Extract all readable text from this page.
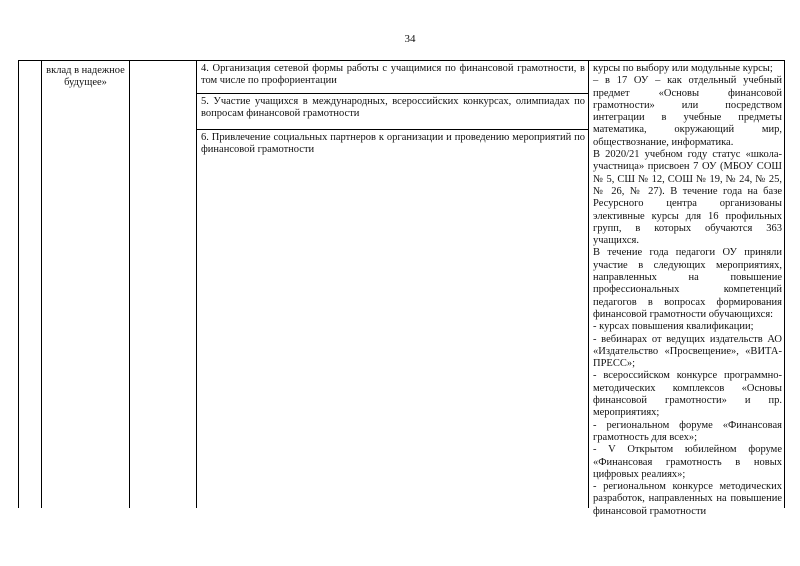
34
вклад в надежное будущее»
4. Организация сетевой формы работы с учащимися по финансовой грамотности, в том числе по профориентации
5. Участие учащихся в международных, всероссийских конкурсах, олимпиадах по вопросам финансовой грамотности
6. Привлечение социальных партнеров к организации и проведению мероприятий по финансовой грамотности

курсы по выбору или модульные курсы;

– в 17 ОУ – как отдельный учебный предмет «Основы финансовой грамотности» или посредством интеграции в учебные предметы математика, окружающий мир, обществознание, информатика.

В 2020/21 учебном году статус «школа-участница» присвоен 7 ОУ (МБОУ СОШ № 5, СШ № 12, СОШ № 19, № 24, № 25, № 26, № 27). В течение года на базе Ресурсного центра организованы элективные курсы для 16 профильных групп, в которых обучаются 363 учащихся.

В течение года педагоги ОУ приняли участие в следующих мероприятиях, направленных на повышение профессиональных компетенций педагогов в вопросах формирования финансовой грамотности обучающихся:

- курсах повышения квалификации;

- вебинарах от ведущих издательств АО «Издательство «Просвещение», «ВИТА-ПРЕСС»;

- всероссийском конкурсе программно-методических комплексов «Основы финансовой грамотности» и пр. мероприятиях;

- региональном форуме «Финансовая грамотность для всех»;

- V Открытом юбилейном форуме «Финансовая грамотность в новых цифровых реалиях»;

- региональном конкурсе методических разработок, направленных на повышение финансовой грамотности
